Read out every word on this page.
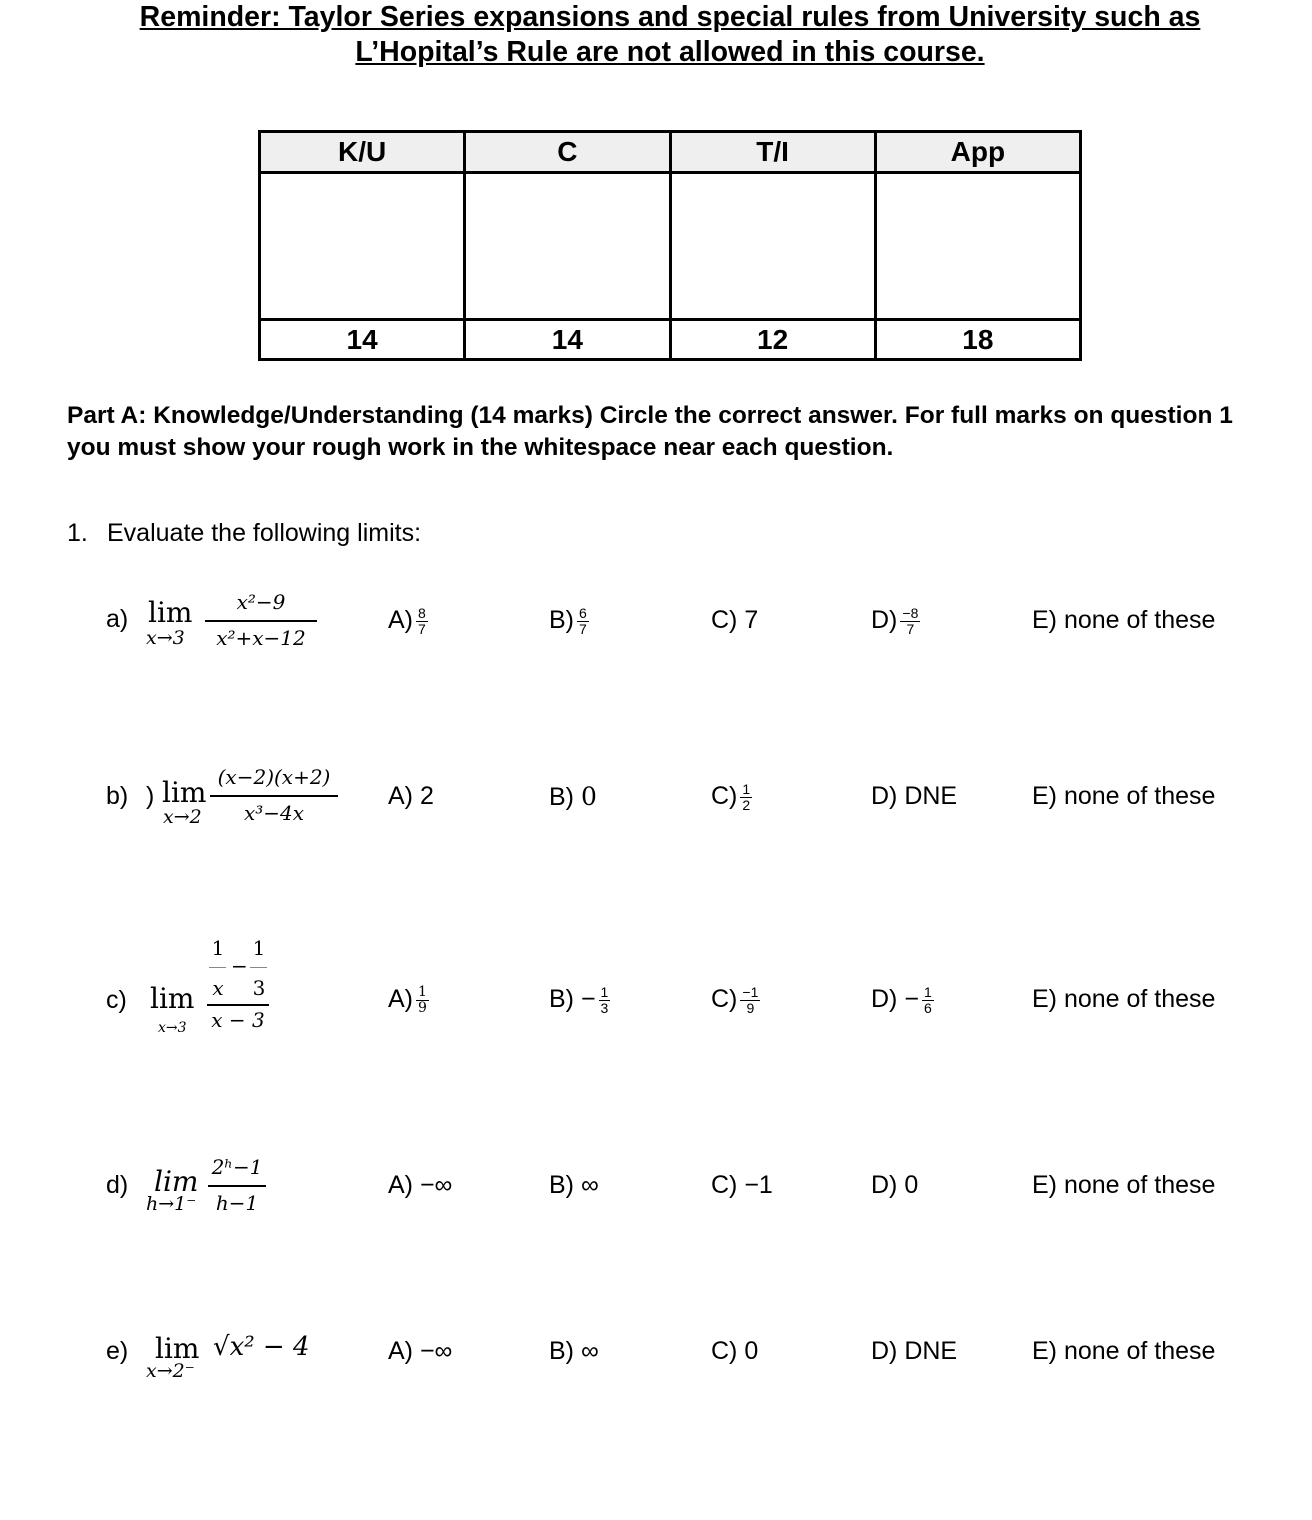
Reminder: Taylor Series expansions and special rules from University such as
L’Hopital’s Rule are not allowed in this course.
K/U	C	T/I	App

14	14	12	18
Part A: Knowledge/Understanding (14 marks) Circle the correct answer. For full marks on question 1 you must show your rough work in the whitespace near each question.
1. Evaluate the following limits:
a) lim
x→3
x²−9
x²+x−12
$A) \frac{8}{7}$	$B) \frac{6}{7}$	C) 7	$D) \frac{-8}{7}$	E) none of these
b) ) lim
x→2
(x−2)(x+2)
x³−4x
A) 2	B) 0	$C) \frac{1}{2}$	D) DNE	E) none of these
c) lim
x→3
1
x
−
1
3
x − 3
$A) \frac{1}{9}$	$B) - \frac{1}{3}$	$C) \frac{-1}{9}$	$D) - \frac{1}{6}$	E) none of these
d) lim
h→1⁻
2ʰ−1
h−1
A) −∞	B) ∞	C) −1	D) 0	E) none of these
e) lim
x→2⁻
√x² − 4	A) −∞	B) ∞	C) 0	D) DNE	E) none of these
